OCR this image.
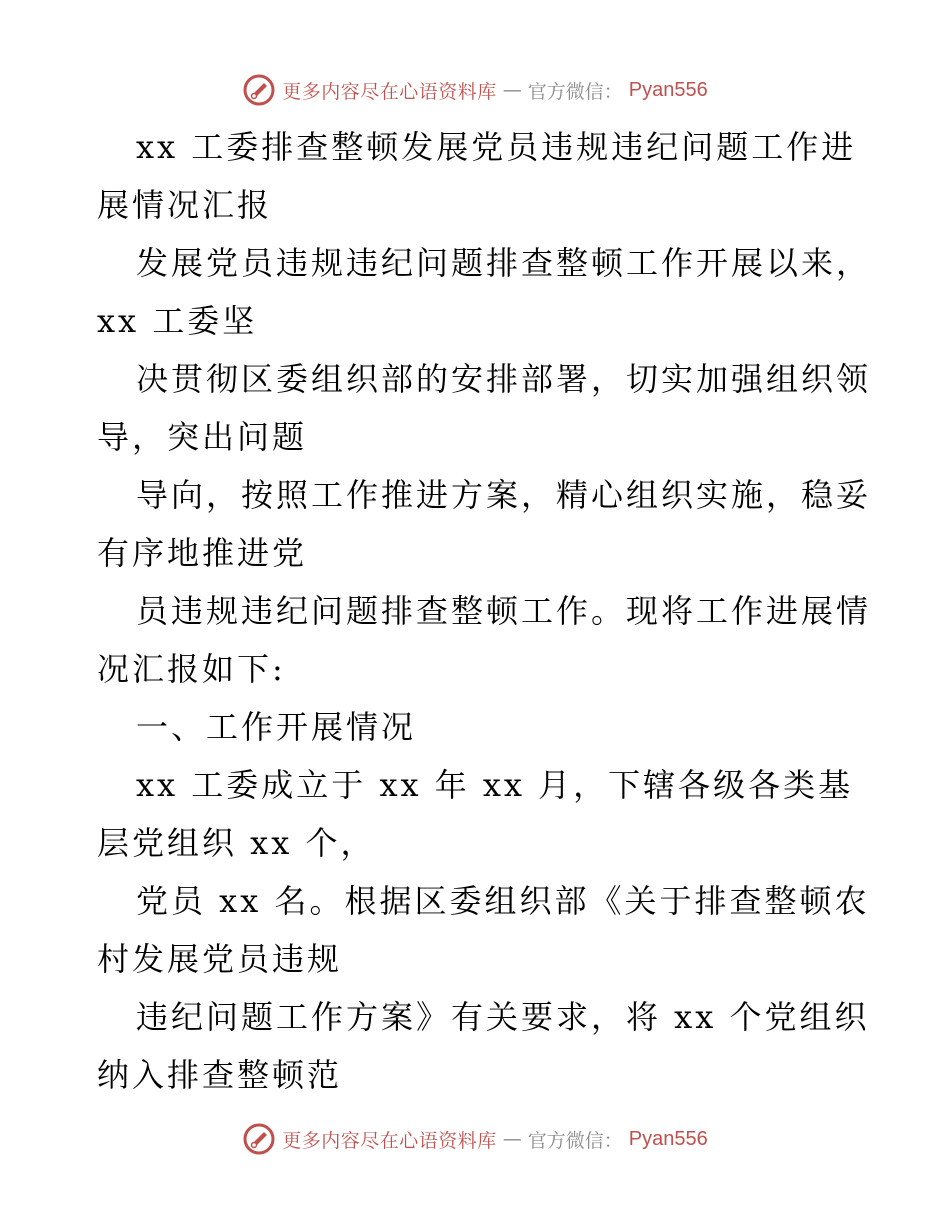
更多内容尽在心语资料库 — 官方微信： Pyan556
xx 工委排查整顿发展党员违规违纪问题工作进
展情况汇报
发展党员违规违纪问题排查整顿工作开展以来，
xx 工委坚
决贯彻区委组织部的安排部署，切实加强组织领
导，突出问题
导向，按照工作推进方案，精心组织实施，稳妥
有序地推进党
员违规违纪问题排查整顿工作。现将工作进展情
况汇报如下:
一、工作开展情况
xx 工委成立于 xx 年 xx 月，下辖各级各类基
层党组织 xx 个，
党员 xx 名。根据区委组织部《关于排查整顿农
村发展党员违规
违纪问题工作方案》有关要求，将 xx 个党组织
纳入排查整顿范
更多内容尽在心语资料库 — 官方微信： Pyan556
